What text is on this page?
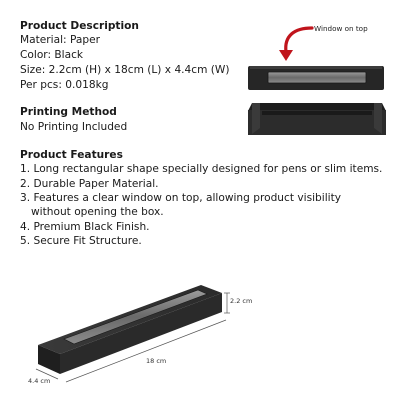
Product Description
Material: Paper
Color: Black
Size: 2.2cm (H) x 18cm (L) x 4.4cm (W)
Per pcs: 0.018kg
Printing Method
No Printing Included
Product Features
1. Long rectangular shape specially designed for pens or slim items.
2. Durable Paper Material.
3. Features a clear window on top, allowing product visibility
without opening the box.
4. Premium Black Finish.
5. Secure Fit Structure.
Window on top
2.2 cm
18 cm
4.4 cm
